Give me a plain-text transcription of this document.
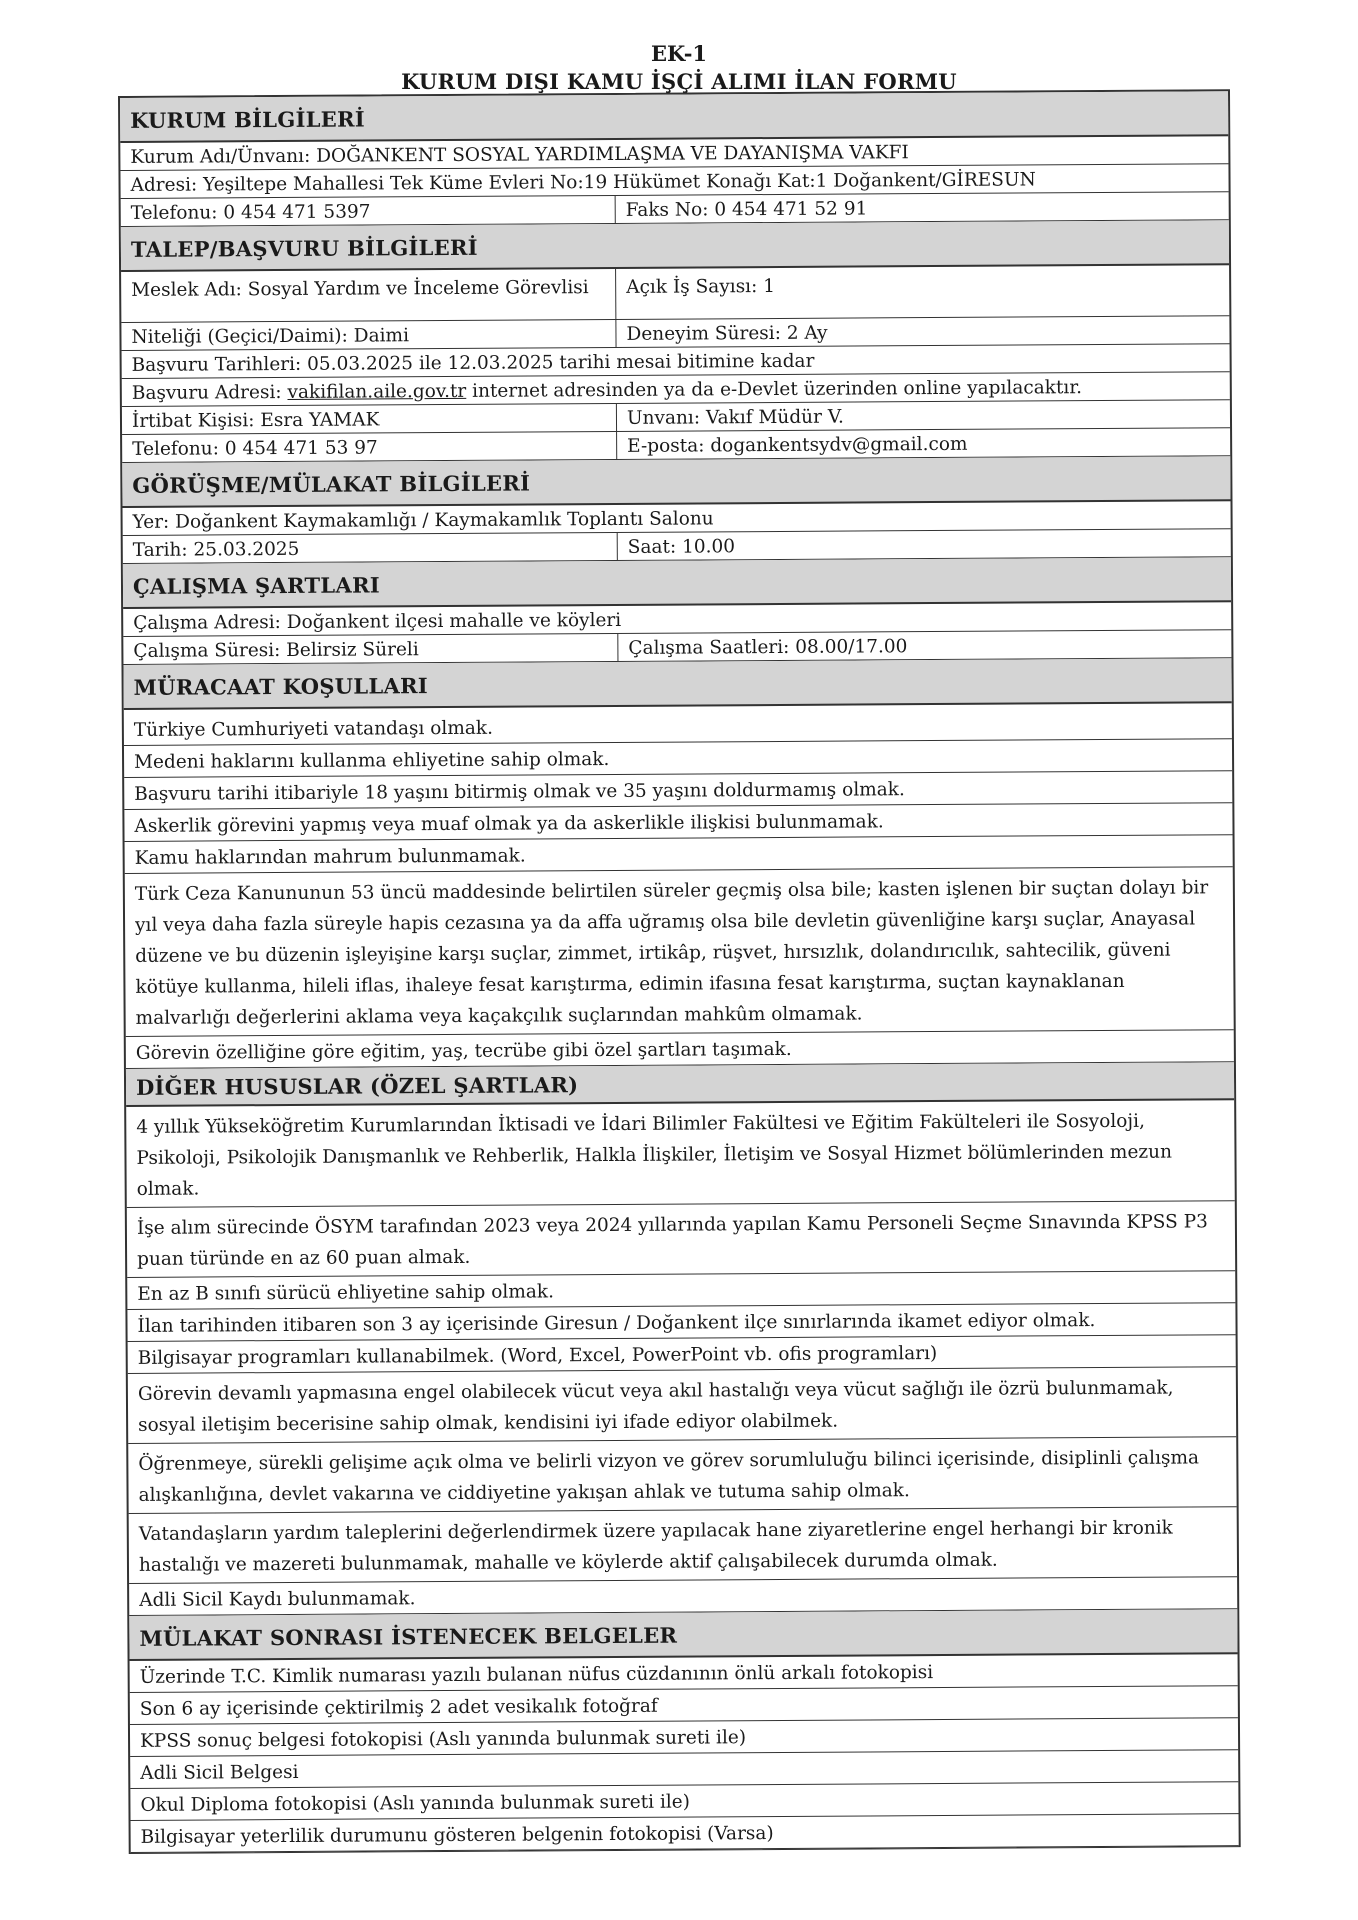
EK-1
KURUM DIŞI KAMU İŞÇİ ALIMI İLAN FORMU
KURUM BİLGİLERİ
Kurum Adı/Ünvanı: DOĞANKENT SOSYAL YARDIMLAŞMA VE DAYANIŞMA VAKFI
Adresi: Yeşiltepe Mahallesi Tek Küme Evleri No:19 Hükümet Konağı Kat:1 Doğankent/GİRESUN
Telefonu: 0 454 471 5397	Faks No: 0 454 471 52 91
TALEP/BAŞVURU BİLGİLERİ
Meslek Adı: Sosyal Yardım ve İnceleme Görevlisi	Açık İş Sayısı: 1
Niteliği (Geçici/Daimi): Daimi	Deneyim Süresi: 2 Ay
Başvuru Tarihleri: 05.03.2025 ile 12.03.2025 tarihi mesai bitimine kadar
Başvuru Adresi: vakifilan.aile.gov.tr internet adresinden ya da e-Devlet üzerinden online yapılacaktır.
İrtibat Kişisi: Esra YAMAK	Unvanı: Vakıf Müdür V.
Telefonu: 0 454 471 53 97	E-posta: dogankentsydv@gmail.com
GÖRÜŞME/MÜLAKAT BİLGİLERİ
Yer: Doğankent Kaymakamlığı / Kaymakamlık Toplantı Salonu
Tarih: 25.03.2025	Saat: 10.00
ÇALIŞMA ŞARTLARI
Çalışma Adresi: Doğankent ilçesi mahalle ve köyleri
Çalışma Süresi: Belirsiz Süreli	Çalışma Saatleri: 08.00/17.00
MÜRACAAT KOŞULLARI
Türkiye Cumhuriyeti vatandaşı olmak.
Medeni haklarını kullanma ehliyetine sahip olmak.
Başvuru tarihi itibariyle 18 yaşını bitirmiş olmak ve 35 yaşını doldurmamış olmak.
Askerlik görevini yapmış veya muaf olmak ya da askerlikle ilişkisi bulunmamak.
Kamu haklarından mahrum bulunmamak.
Türk Ceza Kanununun 53 üncü maddesinde belirtilen süreler geçmiş olsa bile; kasten işlenen bir suçtan dolayı bir yıl veya daha fazla süreyle hapis cezasına ya da affa uğramış olsa bile devletin güvenliğine karşı suçlar, Anayasal düzene ve bu düzenin işleyişine karşı suçlar, zimmet, irtikâp, rüşvet, hırsızlık, dolandırıcılık, sahtecilik, güveni kötüye kullanma, hileli iflas, ihaleye fesat karıştırma, edimin ifasına fesat karıştırma, suçtan kaynaklanan malvarlığı değerlerini aklama veya kaçakçılık suçlarından mahkûm olmamak.
Görevin özelliğine göre eğitim, yaş, tecrübe gibi özel şartları taşımak.
DİĞER HUSUSLAR (ÖZEL ŞARTLAR)
4 yıllık Yükseköğretim Kurumlarından İktisadi ve İdari Bilimler Fakültesi ve Eğitim Fakülteleri ile Sosyoloji, Psikoloji, Psikolojik Danışmanlık ve Rehberlik, Halkla İlişkiler, İletişim ve Sosyal Hizmet bölümlerinden mezun olmak.
İşe alım sürecinde ÖSYM tarafından 2023 veya 2024 yıllarında yapılan Kamu Personeli Seçme Sınavında KPSS P3 puan türünde en az 60 puan almak.
En az B sınıfı sürücü ehliyetine sahip olmak.
İlan tarihinden itibaren son 3 ay içerisinde Giresun / Doğankent ilçe sınırlarında ikamet ediyor olmak.
Bilgisayar programları kullanabilmek. (Word, Excel, PowerPoint vb. ofis programları)
Görevin devamlı yapmasına engel olabilecek vücut veya akıl hastalığı veya vücut sağlığı ile özrü bulunmamak, sosyal iletişim becerisine sahip olmak, kendisini iyi ifade ediyor olabilmek.
Öğrenmeye, sürekli gelişime açık olma ve belirli vizyon ve görev sorumluluğu bilinci içerisinde, disiplinli çalışma alışkanlığına, devlet vakarına ve ciddiyetine yakışan ahlak ve tutuma sahip olmak.
Vatandaşların yardım taleplerini değerlendirmek üzere yapılacak hane ziyaretlerine engel herhangi bir kronik hastalığı ve mazereti bulunmamak, mahalle ve köylerde aktif çalışabilecek durumda olmak.
Adli Sicil Kaydı bulunmamak.
MÜLAKAT SONRASI İSTENECEK BELGELER
Üzerinde T.C. Kimlik numarası yazılı bulanan nüfus cüzdanının önlü arkalı fotokopisi
Son 6 ay içerisinde çektirilmiş 2 adet vesikalık fotoğraf
KPSS sonuç belgesi fotokopisi (Aslı yanında bulunmak sureti ile)
Adli Sicil Belgesi
Okul Diploma fotokopisi (Aslı yanında bulunmak sureti ile)
Bilgisayar yeterlilik durumunu gösteren belgenin fotokopisi (Varsa)
